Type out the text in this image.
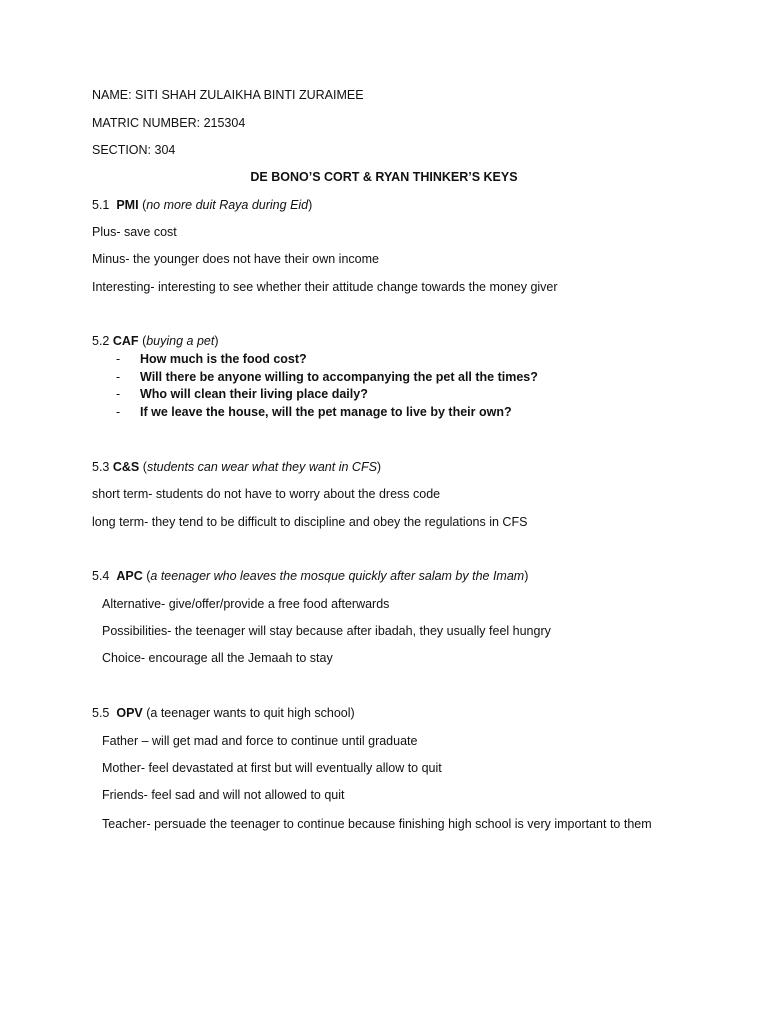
NAME: SITI SHAH ZULAIKHA BINTI ZURAIMEE
MATRIC NUMBER: 215304
SECTION: 304
DE BONO’S CORT & RYAN THINKER’S KEYS
5.1 PMI (no more duit Raya during Eid)
Plus- save cost
Minus- the younger does not have their own income
Interesting- interesting to see whether their attitude change towards the money giver
5.2 CAF (buying a pet)
- How much is the food cost?
- Will there be anyone willing to accompanying the pet all the times?
- Who will clean their living place daily?
- If we leave the house, will the pet manage to live by their own?
5.3 C&S (students can wear what they want in CFS)
short term- students do not have to worry about the dress code
long term- they tend to be difficult to discipline and obey the regulations in CFS
5.4 APC (a teenager who leaves the mosque quickly after salam by the Imam)
Alternative- give/offer/provide a free food afterwards
Possibilities- the teenager will stay because after ibadah, they usually feel hungry
Choice- encourage all the Jemaah to stay
5.5 OPV (a teenager wants to quit high school)
Father – will get mad and force to continue until graduate
Mother- feel devastated at first but will eventually allow to quit
Friends- feel sad and will not allowed to quit
Teacher- persuade the teenager to continue because finishing high school is very important to them
